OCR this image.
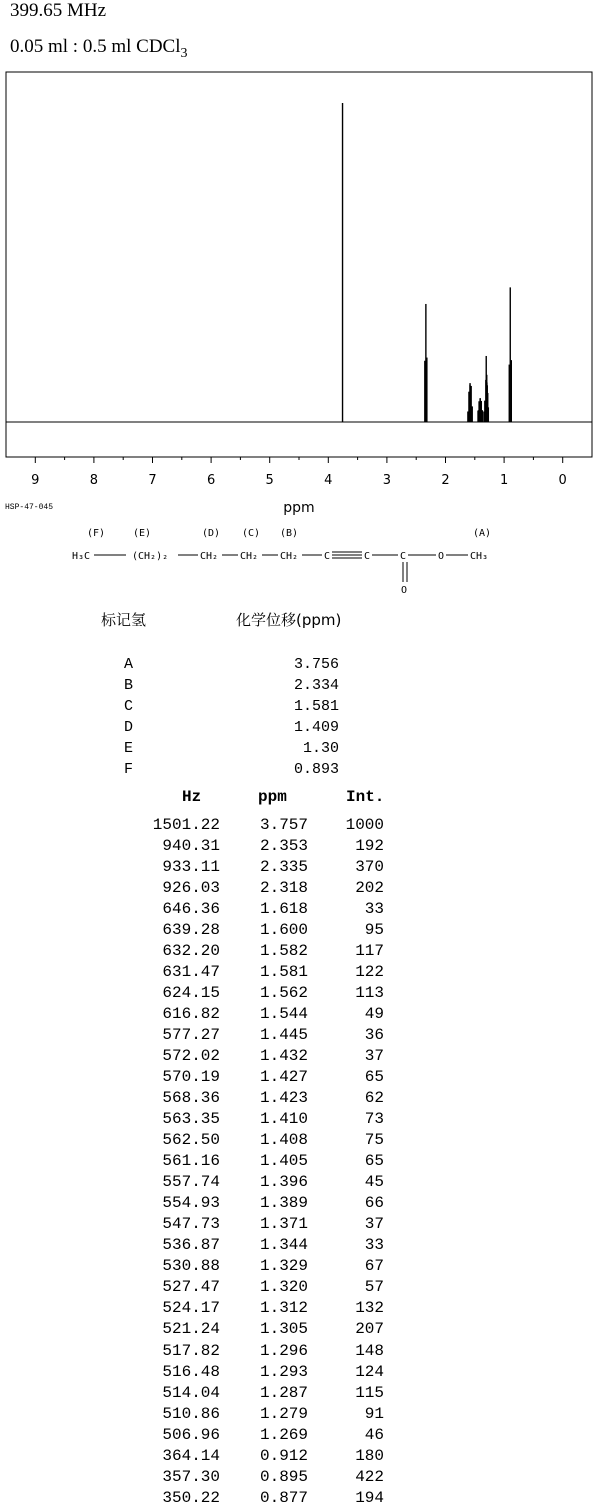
399.65 MHz
0.05 ml : 0.5 ml CDCl$_3$
9	8	7	6	5	4	3	2	1	0
ppm
HSP-47-045
(F)	(E)	(D) (C) (B)	(A)
H₃C	(CH₂)₂	CH₂ CH₂ CH₂	C	C	C
O
O	CH₃
标记氢	化学位移(ppm)
A	3.756
B	2.334
C	1.581
D	1.409
E	1.30
F	0.893
Hz	ppm	Int.
1501.22 3.757 1000
940.31 2.353	192
933.11 2.335	370
926.03 2.318	202
646.36 1.618	33
639.28 1.600	95
632.20 1.582	117
631.47 1.581	122
624.15 1.562	113
616.82 1.544	49
577.27 1.445	36
572.02 1.432	37
570.19 1.427	65
568.36 1.423	62
563.35 1.410	73
562.50 1.408	75
561.16 1.405	65
557.74 1.396	45
554.93 1.389	66
547.73 1.371	37
536.87 1.344	33
530.88 1.329	67
527.47 1.320	57
524.17 1.312	132
521.24 1.305	207
517.82 1.296	148
516.48 1.293	124
514.04 1.287	115
510.86 1.279	91
506.96 1.269	46
364.14 0.912	180
357.30 0.895	422
350.22 0.877	194
